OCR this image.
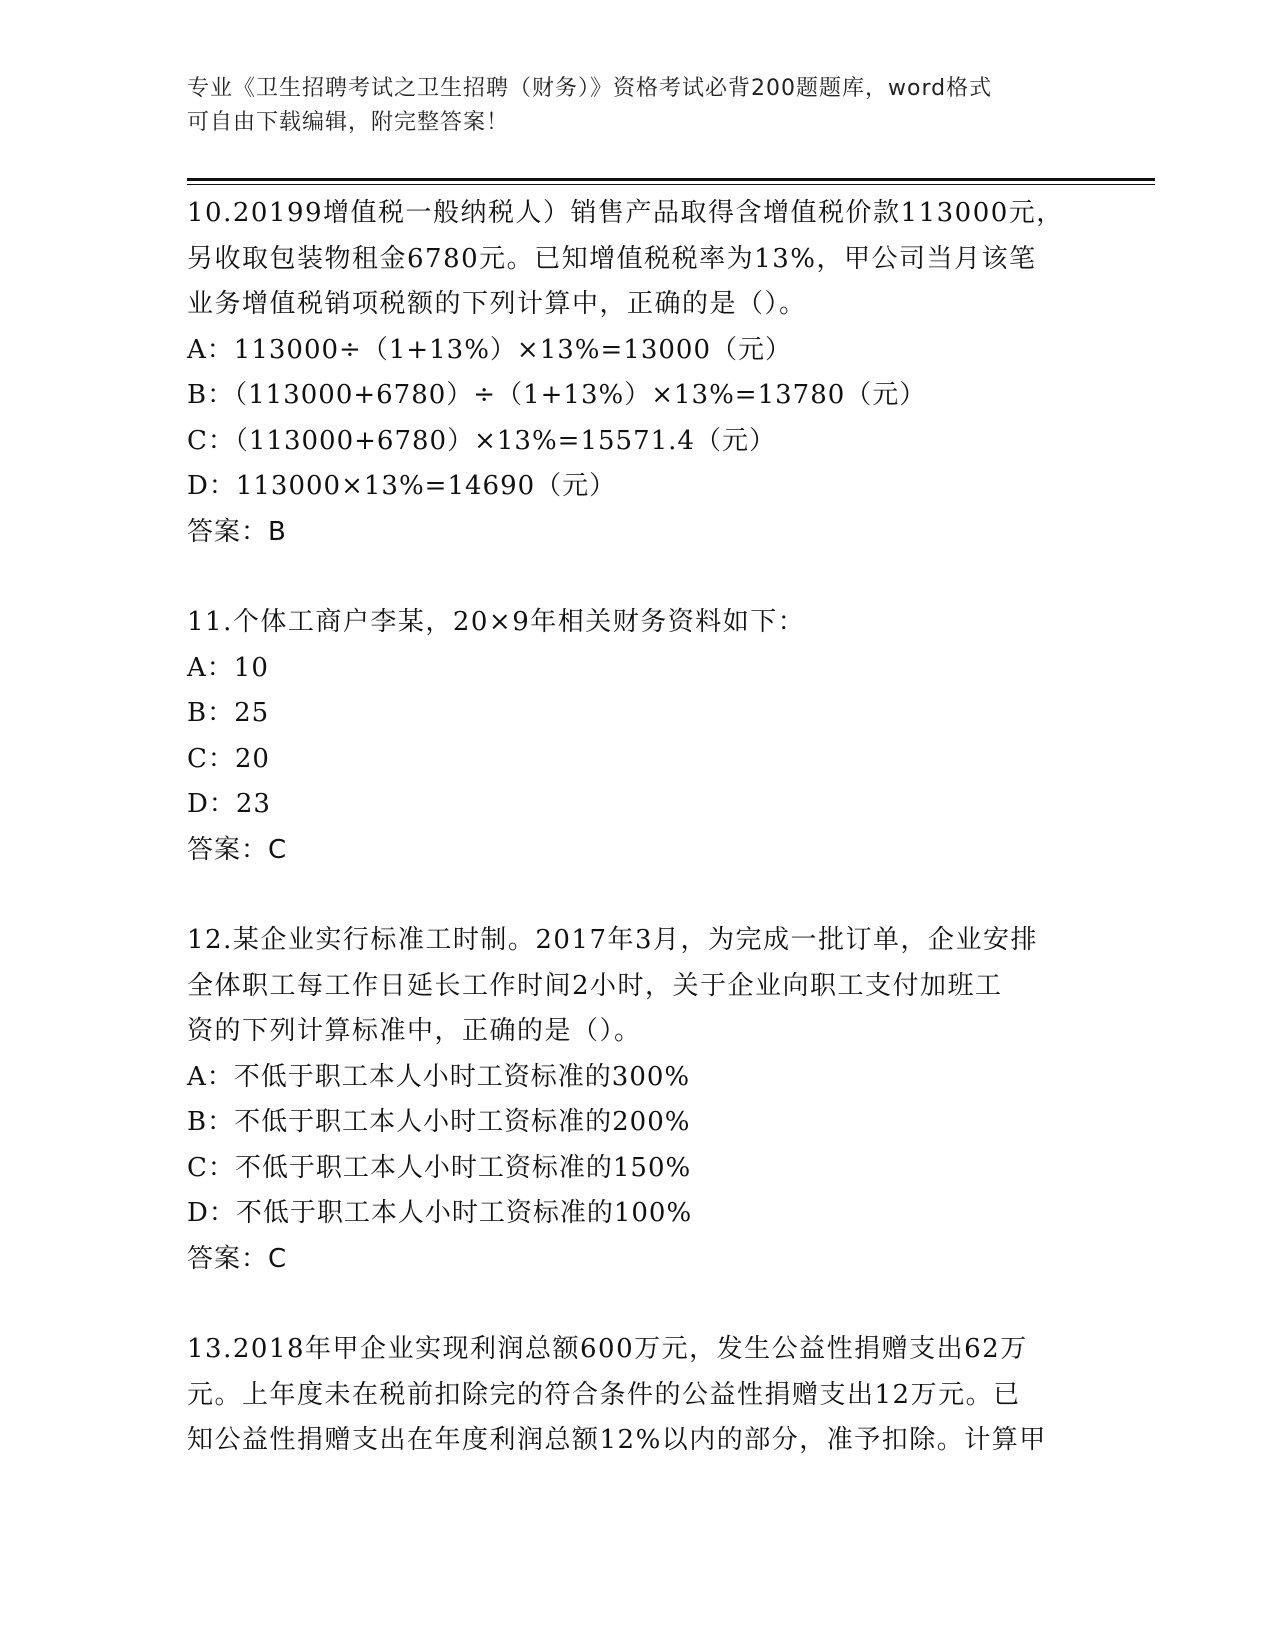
专业《卫生招聘考试之卫生招聘（财务）》资格考试必背200题题库，word格式
可自由下载编辑，附完整答案！
10.20199增值税一般纳税人）销售产品取得含增值税价款113000元，
另收取包装物租金6780元。已知增值税税率为13%，甲公司当月该笔
业务增值税销项税额的下列计算中，正确的是（）。
A：113000÷（1+13%）×13%=13000（元）
B：（113000+6780）÷（1+13%）×13%=13780（元）
C：（113000+6780）×13%=15571.4（元）
D：113000×13%=14690（元）
答案：B
11.个体工商户李某，20×9年相关财务资料如下：
A：10
B：25
C：20
D：23
答案：C
12.某企业实行标准工时制。2017年3月，为完成一批订单，企业安排
全体职工每工作日延长工作时间2小时，关于企业向职工支付加班工
资的下列计算标准中，正确的是（）。
A：不低于职工本人小时工资标准的300%
B：不低于职工本人小时工资标准的200%
C：不低于职工本人小时工资标准的150%
D：不低于职工本人小时工资标准的100%
答案：C
13.2018年甲企业实现利润总额600万元，发生公益性捐赠支出62万
元。上年度未在税前扣除完的符合条件的公益性捐赠支出12万元。已
知公益性捐赠支出在年度利润总额12%以内的部分，准予扣除。计算甲
